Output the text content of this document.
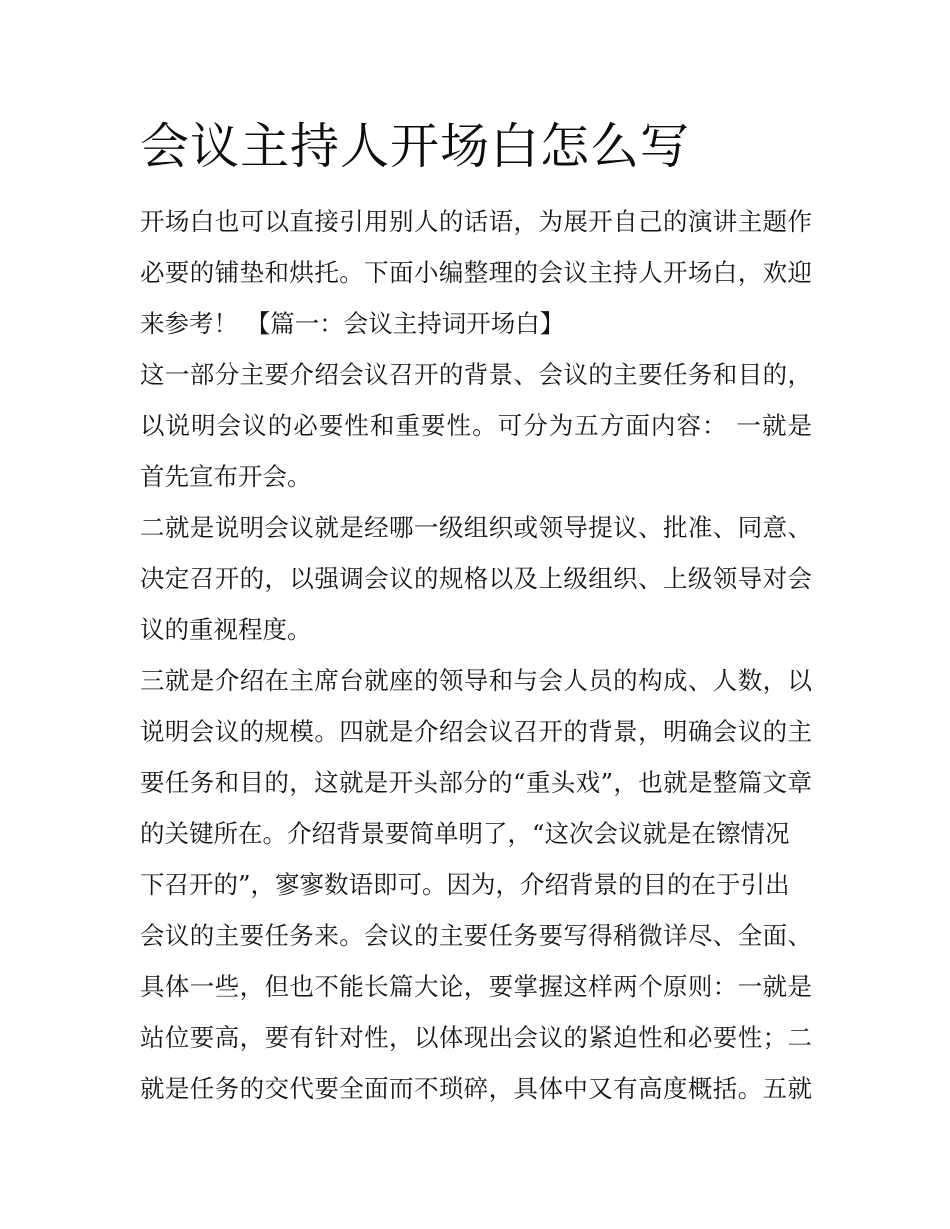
会议主持人开场白怎么写
开场白也可以直接引用别人的话语，为展开自己的演讲主题作
必要的铺垫和烘托。下面小编整理的会议主持人开场白，欢迎
来参考！ 【篇一：会议主持词开场白】
这一部分主要介绍会议召开的背景、会议的主要任务和目的，
以说明会议的必要性和重要性。可分为五方面内容： 一就是
首先宣布开会。
二就是说明会议就是经哪一级组织或领导提议、批准、同意、
决定召开的，以强调会议的规格以及上级组织、上级领导对会
议的重视程度。
三就是介绍在主席台就座的领导和与会人员的构成、人数，以
说明会议的规模。四就是介绍会议召开的背景，明确会议的主
要任务和目的，这就是开头部分的“重头戏”，也就是整篇文章
的关键所在。介绍背景要简单明了，“这次会议就是在镲情况
下召开的”，寥寥数语即可。因为，介绍背景的目的在于引出
会议的主要任务来。会议的主要任务要写得稍微详尽、全面、
具体一些，但也不能长篇大论，要掌握这样两个原则：一就是
站位要高，要有针对性，以体现出会议的紧迫性和必要性；二
就是任务的交代要全面而不琐碎，具体中又有高度概括。五就
